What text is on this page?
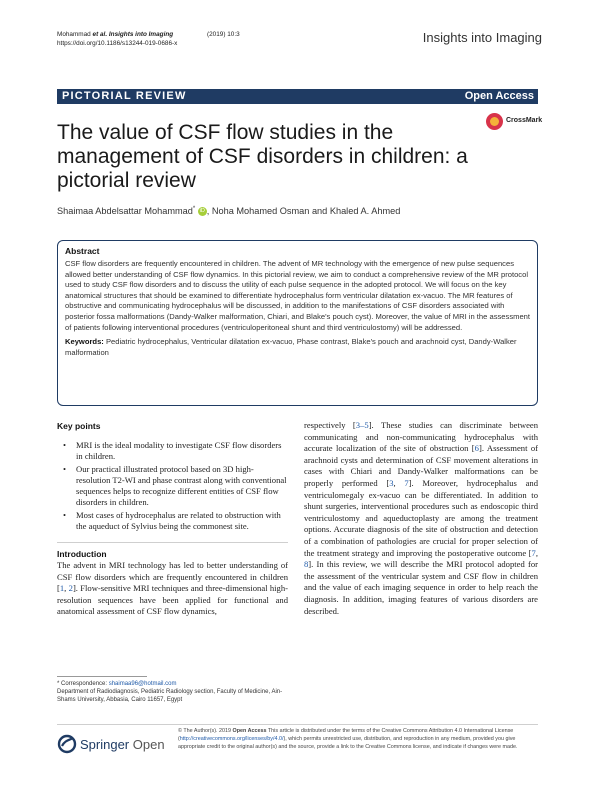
Mohammad et al. Insights into Imaging	(2019) 10:3
https://doi.org/10.1186/s13244-019-0686-x	Insights into Imaging
PICTORIAL REVIEW	Open Access
The value of CSF flow studies in the management of CSF disorders in children: a pictorial review
CrossMark
Shaimaa Abdelsattar Mohammad* iD , Noha Mohamed Osman and Khaled A. Ahmed
Abstract
CSF flow disorders are frequently encountered in children. The advent of MR technology with the emergence of new pulse sequences allowed better understanding of CSF flow dynamics. In this pictorial review, we aim to conduct a comprehensive review of the MR protocol used to study CSF flow disorders and to discuss the utility of each pulse sequence in the adopted protocol. We will focus on the key anatomical structures that should be examined to differentiate hydrocephalus form ventricular dilatation ex-vacuo. The MR features of obstructive and communicating hydrocephalus will be discussed, in addition to the manifestations of CSF disorders associated with posterior fossa malformations (Dandy-Walker malformation, Chiari, and Blake's pouch cyst). Moreover, the value of MRI in the assessment of patients following interventional procedures (ventriculoperitoneal shunt and third ventriculostomy) will be addressed.
Keywords: Pediatric hydrocephalus, Ventricular dilatation ex-vacuo, Phase contrast, Blake's pouch and arachnoid cyst, Dandy-Walker malformation
Key points
• MRI is the ideal modality to investigate CSF flow disorders in children.
• Our practical illustrated protocol based on 3D high-resolution T2-WI and phase contrast along with conventional sequences helps to recognize different entities of CSF flow disorders in children.
• Most cases of hydrocephalus are related to obstruction with the aqueduct of Sylvius being the commonest site.
Introduction
The advent in MRI technology has led to better understanding of CSF flow disorders which are frequently encountered in children [1, 2]. Flow-sensitive MRI techniques and three-dimensional high-resolution sequences have been applied for functional and anatomical assessment of CSF flow dynamics,
respectively [3–5]. These studies can discriminate between communicating and non-communicating hydrocephalus with accurate localization of the site of obstruction [6]. Assessment of arachnoid cysts and determination of CSF movement alterations in cases with Chiari and Dandy-Walker malformations can be properly performed [3, 7]. Moreover, hydrocephalus and ventriculomegaly ex-vacuo can be differentiated. In addition to shunt surgeries, interventional procedures such as endoscopic third ventriculostomy and aqueductoplasty are among the treatment options. Accurate diagnosis of the site of obstruction and detection of a combination of pathologies are crucial for proper selection of the treatment strategy and improving the postoperative outcome [7, 8]. In this review, we will describe the MRI protocol adopted for the assessment of the ventricular system and CSF flow in children and the value of each imaging sequence in order to help reach the diagnosis. In addition, imaging features of various disorders are described.
* Correspondence: shaimaa96@hotmail.com
Department of Radiodiagnosis, Pediatric Radiology section, Faculty of Medicine, Ain-Shams University, Abbasia, Cairo 11657, Egypt
Springer Open
© The Author(s). 2019 Open Access This article is distributed under the terms of the Creative Commons Attribution 4.0 International License (http://creativecommons.org/licenses/by/4.0/), which permits unrestricted use, distribution, and reproduction in any medium, provided you give appropriate credit to the original author(s) and the source, provide a link to the Creative Commons license, and indicate if changes were made.
